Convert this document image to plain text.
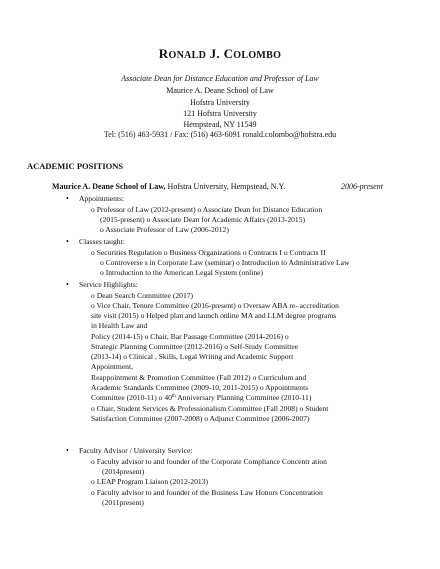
RONALD J. COLOMBO
Associate Dean for Distance Education and Professor of Law
Maurice A. Deane School of Law
Hofstra University
121 Hofstra University
Hempstead, NY 11549
Tel: (516) 463-5931 / Fax: (516) 463-6091 ronald.colombo@hofstra.edu
ACADEMIC POSITIONS
Maurice A. Deane School of Law, Hofstra University, Hempstead, N.Y.	2006-present
• Appointments:
o Professor of Law (2012-present) o Associate Dean for Distance Education
(2015-present) o Associate Dean for Academic Affairs (2013-2015)
o Associate Professor of Law (2006-2012)
• Classes taught:
o Securities Regulation o Business Organizations o Contracts I o Contracts II
o Controverse s in Corporate Law (seminar) o Introduction to Administrative Law
o Introduction to the American Legal System (online)
• Service Highlights:
o Dean Search Committee (2017)
o Vice Chair, Tenure Committee (2016-present) o Oversaw ABA re- accreditation
site visit (2015) o Helped plan and launch online MA and LLM degree programs
in Health Law and
Policy (2014-15) o Chair, Bar Passage Committee (2014-2016) o
Strategic Planning Committee (2012-2016) o Self-Study Committee
(2013-14) o Clinical , Skills, Legal Writing and Academic Support
Appointment,
Reappointment & Promotion Committee (Fall 2012) o Curriculum and
Academic Standards Committee (2009-10, 2011-2015) o Appointments
Committee (2010-11) o 40th Anniversary Planning Committee (2010-11)
o Chair, Student Services & Professionalism Committee (Fall 2008) o Student
Satisfaction Committee (2007-2008) o Adjunct Committee (2006-2007)
• Faculty Advisor / University Service:
o Faculty advisor to and founder of the Corporate Compliance Concentr ation
(2014present)
o LEAP Program Liaison (2012-2013)
o Faculty advisor to and founder of the Business Law Honors Concentration
(2011present)
